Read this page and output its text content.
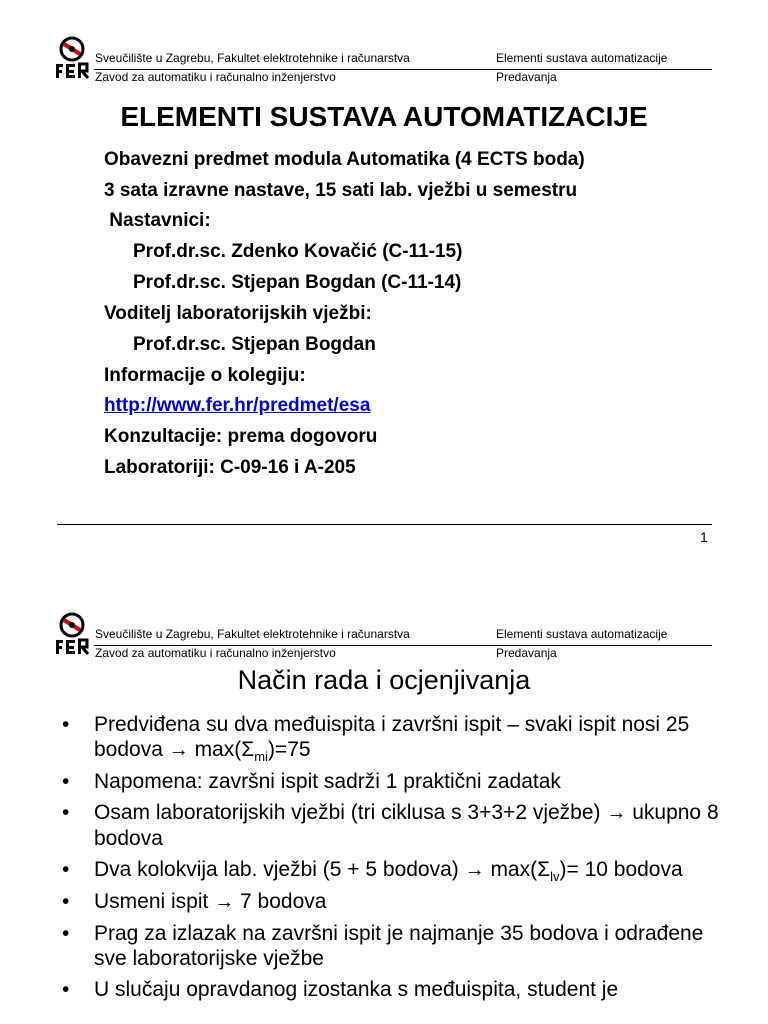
Sveučilište u Zagrebu, Fakultet elektrotehnike i računarstva	Elementi sustava automatizacije
Zavod za automatiku i računalno inženjerstvo	Predavanja
ELEMENTI SUSTAVA AUTOMATIZACIJE
Obavezni predmet modula Automatika (4 ECTS boda)
3 sata izravne nastave, 15 sati lab. vježbi u semestru
Nastavnici:
Prof.dr.sc. Zdenko Kovačić (C-11-15)
Prof.dr.sc. Stjepan Bogdan (C-11-14)
Voditelj laboratorijskih vježbi:
Prof.dr.sc. Stjepan Bogdan
Informacije o kolegiju:
http://www.fer.hr/predmet/esa
Konzultacije: prema dogovoru
Laboratoriji: C-09-16 i A-205
1
Sveučilište u Zagrebu, Fakultet elektrotehnike i računarstva	Elementi sustava automatizacije
Zavod za automatiku i računalno inženjerstvo	Predavanja
Način rada i ocjenjivanja
•	Predviđena su dva međuispita i završni ispit – svaki ispit nosi 25 bodova → $\max(\Sigma_{mi})=75$
•	Napomena: završni ispit sadrži 1 praktični zadatak
•	Osam laboratorijskih vježbi (tri ciklusa s 3+3+2 vježbe) → ukupno 8 bodova
•	Dva kolokvija lab. vježbi (5 + 5 bodova) → $\max(\Sigma_{lv})= 10$ bodova
•	Usmeni ispit → 7 bodova
•	Prag za izlazak na završni ispit je najmanje 35 bodova i odrađene sve laboratorijske vježbe
•	U slučaju opravdanog izostanka s međuispita, student je
